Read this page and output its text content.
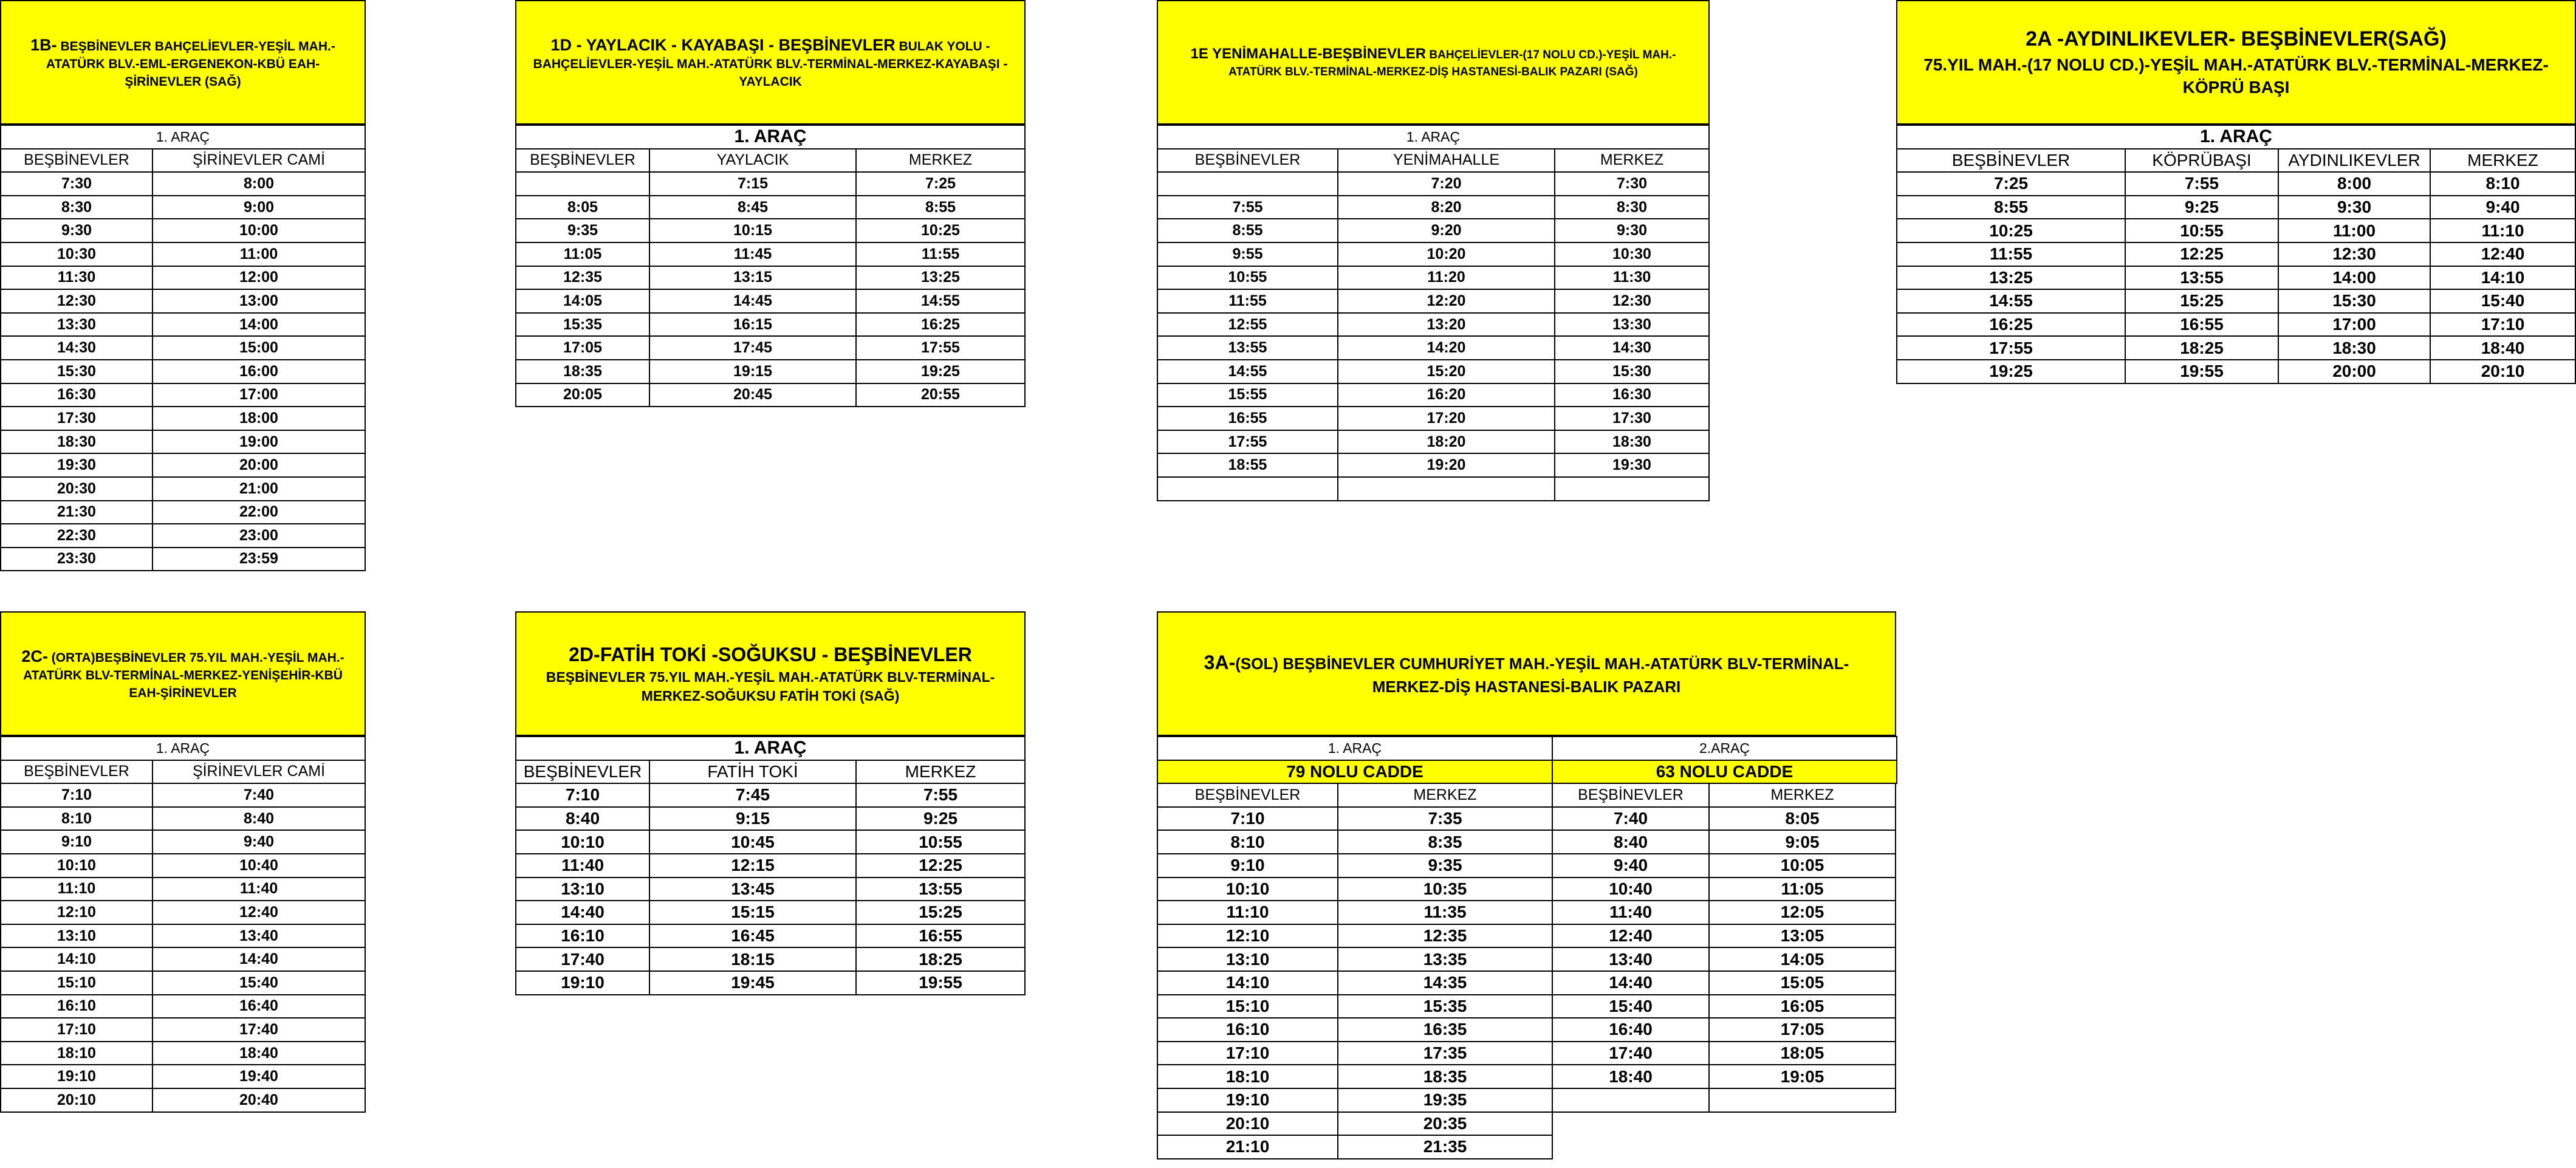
1B- BEŞBİNEVLER BAHÇELİEVLER-YEŞİL MAH.-ATATÜRK BLV.-EML-ERGENEKON-KBÜ EAH-ŞİRİNEVLER (SAĞ)
1. ARAÇ	
BEŞBİNEVLER	ŞİRİNEVLER CAMİ
7:30	8:00
8:30	9:00
9:30	10:00
10:30	11:00
11:30	12:00
12:30	13:00
13:30	14:00
14:30	15:00
15:30	16:00
16:30	17:00
17:30	18:00
18:30	19:00
19:30	20:00
20:30	21:00
21:30	22:00
22:30	23:00
23:30	23:59
1D - YAYLACIK - KAYABAŞI - BEŞBİNEVLER BULAK YOLU -BAHÇELİEVLER-YEŞİL MAH.-ATATÜRK BLV.-TERMİNAL-MERKEZ-KAYABAŞI - YAYLACIK
1. ARAÇ		
BEŞBİNEVLER	YAYLACIK	MERKEZ
	7:15	7:25
8:05	8:45	8:55
9:35	10:15	10:25
11:05	11:45	11:55
12:35	13:15	13:25
14:05	14:45	14:55
15:35	16:15	16:25
17:05	17:45	17:55
18:35	19:15	19:25
20:05	20:45	20:55
1E YENİMAHALLE-BEŞBİNEVLER BAHÇELİEVLER-(17 NOLU CD.)-YEŞİL MAH.-ATATÜRK BLV.-TERMİNAL-MERKEZ-DİŞ HASTANESİ-BALIK PAZARI (SAĞ)
1. ARAÇ		
BEŞBİNEVLER	YENİMAHALLE	MERKEZ
	7:20	7:30
7:55	8:20	8:30
8:55	9:20	9:30
9:55	10:20	10:30
10:55	11:20	11:30
11:55	12:20	12:30
12:55	13:20	13:30
13:55	14:20	14:30
14:55	15:20	15:30
15:55	16:20	16:30
16:55	17:20	17:30
17:55	18:20	18:30
18:55	19:20	19:30

2A -AYDINLIKEVLER- BEŞBİNEVLER(SAĞ)
75.YIL MAH.-(17 NOLU CD.)-YEŞİL MAH.-ATATÜRK BLV.-TERMİNAL-MERKEZ-KÖPRÜ BAŞI
1. ARAÇ			
BEŞBİNEVLER	KÖPRÜBAŞI	AYDINLIKEVLER	MERKEZ
7:25	7:55	8:00	8:10
8:55	9:25	9:30	9:40
10:25	10:55	11:00	11:10
11:55	12:25	12:30	12:40
13:25	13:55	14:00	14:10
14:55	15:25	15:30	15:40
16:25	16:55	17:00	17:10
17:55	18:25	18:30	18:40
19:25	19:55	20:00	20:10
2C- (ORTA)BEŞBİNEVLER 75.YIL MAH.-YEŞİL MAH.-ATATÜRK BLV-TERMİNAL-MERKEZ-YENİŞEHİR-KBÜ EAH-ŞİRİNEVLER
1. ARAÇ	
BEŞBİNEVLER	ŞİRİNEVLER CAMİ
7:10	7:40
8:10	8:40
9:10	9:40
10:10	10:40
11:10	11:40
12:10	12:40
13:10	13:40
14:10	14:40
15:10	15:40
16:10	16:40
17:10	17:40
18:10	18:40
19:10	19:40
20:10	20:40
2D-FATİH TOKİ -SOĞUKSU - BEŞBİNEVLER
BEŞBİNEVLER 75.YIL MAH.-YEŞİL MAH.-ATATÜRK BLV-TERMİNAL-MERKEZ-SOĞUKSU FATİH TOKİ (SAĞ)
1. ARAÇ		
BEŞBİNEVLER	FATİH TOKİ	MERKEZ
7:10	7:45	7:55
8:40	9:15	9:25
10:10	10:45	10:55
11:40	12:15	12:25
13:10	13:45	13:55
14:40	15:15	15:25
16:10	16:45	16:55
17:40	18:15	18:25
19:10	19:45	19:55
3A-(SOL) BEŞBİNEVLER CUMHURİYET MAH.-YEŞİL MAH.-ATATÜRK BLV-TERMİNAL-MERKEZ-DİŞ HASTANESİ-BALIK PAZARI
1. ARAÇ	2.ARAÇ
79 NOLU CADDE	63 NOLU CADDE
BEŞBİNEVLER	MERKEZ	BEŞBİNEVLER	MERKEZ
7:10	7:35	7:40	8:05
8:10	8:35	8:40	9:05
9:10	9:35	9:40	10:05
10:10	10:35	10:40	11:05
11:10	11:35	11:40	12:05
12:10	12:35	12:40	13:05
13:10	13:35	13:40	14:05
14:10	14:35	14:40	15:05
15:10	15:35	15:40	16:05
16:10	16:35	16:40	17:05
17:10	17:35	17:40	18:05
18:10	18:35	18:40	19:05
19:10	19:35		
20:10	20:35		
21:10	21:35		
